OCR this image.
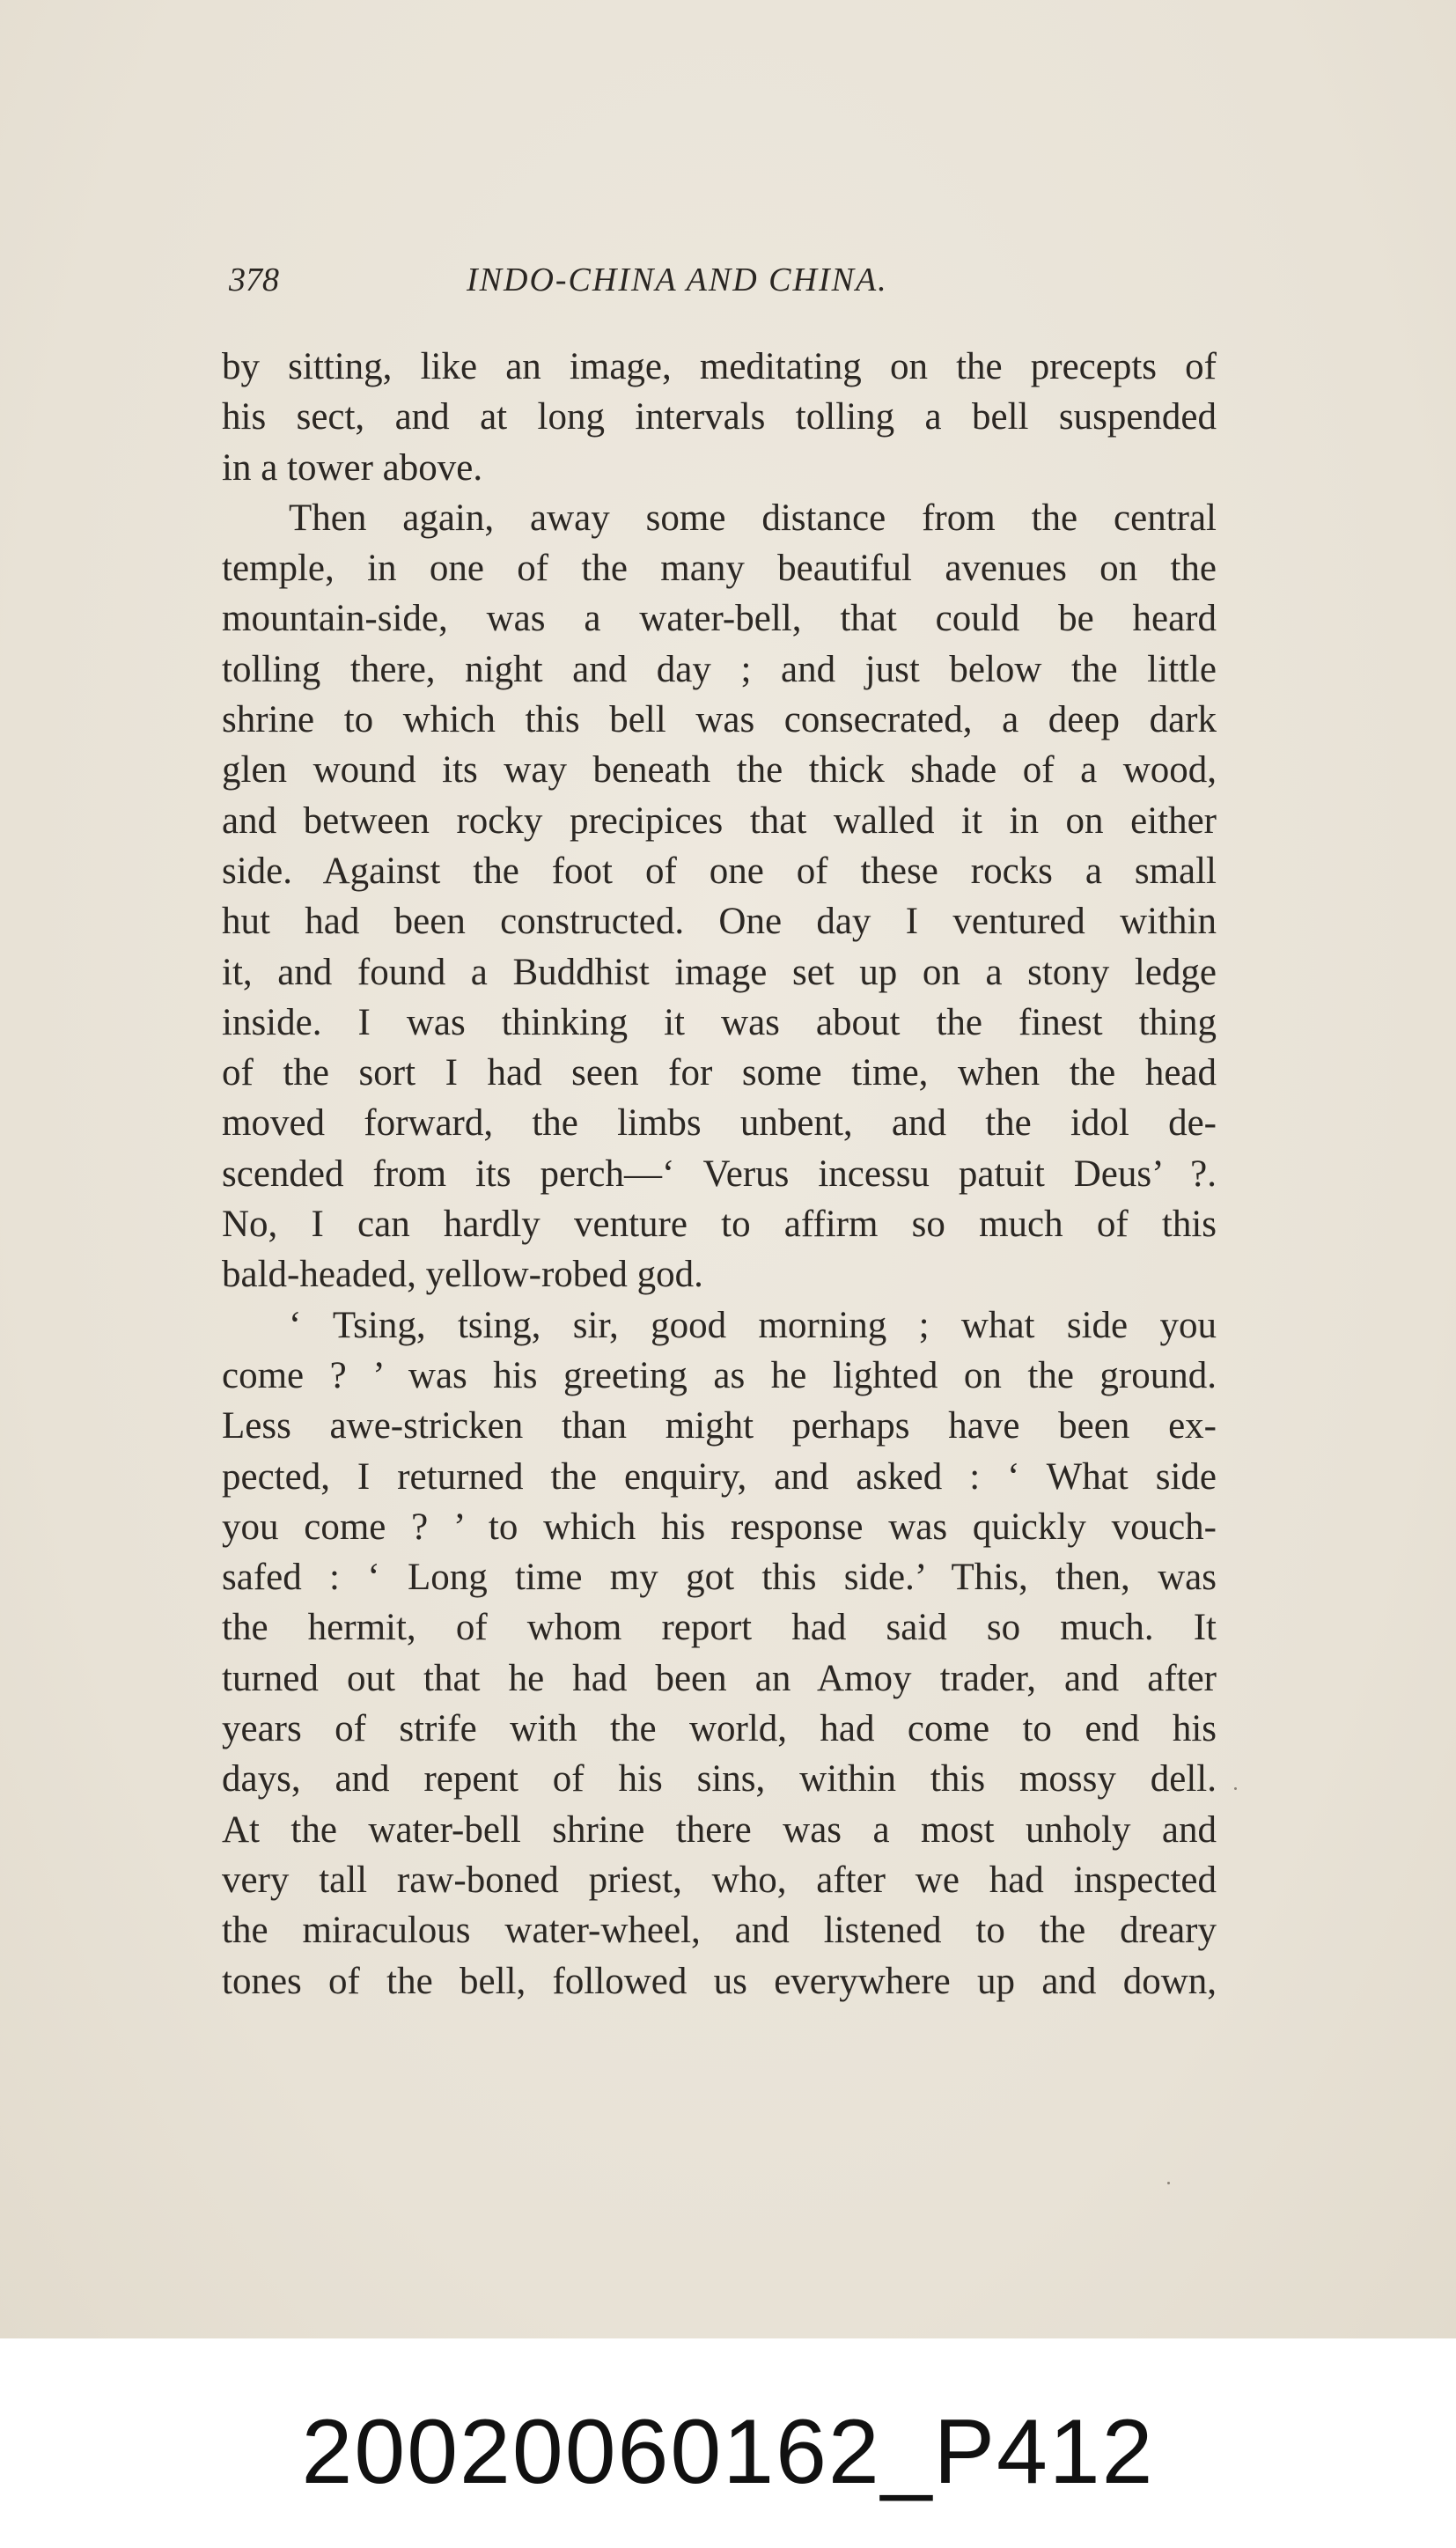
378	INDO-CHINA AND CHINA.

by sitting, like an image, meditating on the precepts of
his sect, and at long intervals tolling a bell suspended
in a tower above.

Then again, away some distance from the central
temple, in one of the many beautiful avenues on the
mountain-side, was a water-bell, that could be heard
tolling there, night and day ; and just below the little
shrine to which this bell was consecrated, a deep dark
glen wound its way beneath the thick shade of a wood,
and between rocky precipices that walled it in on either
side. Against the foot of one of these rocks a small
hut had been constructed. One day I ventured within
it, and found a Buddhist image set up on a stony ledge
inside. I was thinking it was about the finest thing
of the sort I had seen for some time, when the head
moved forward, the limbs unbent, and the idol de-
scended from its perch—‘ Verus incessu patuit Deus’ ?.
No, I can hardly venture to affirm so much of this
bald-headed, yellow-robed god.

‘ Tsing, tsing, sir, good morning ; what side you
come ? ’ was his greeting as he lighted on the ground.
Less awe-stricken than might perhaps have been ex-
pected, I returned the enquiry, and asked : ‘ What side
you come ? ’ to which his response was quickly vouch-
safed : ‘ Long time my got this side.’ This, then, was
the hermit, of whom report had said so much. It
turned out that he had been an Amoy trader, and after
years of strife with the world, had come to end his
days, and repent of his sins, within this mossy dell.
At the water-bell shrine there was a most unholy and
very tall raw-boned priest, who, after we had inspected
the miraculous water-wheel, and listened to the dreary
tones of the bell, followed us everywhere up and down,

20020060162_P412
